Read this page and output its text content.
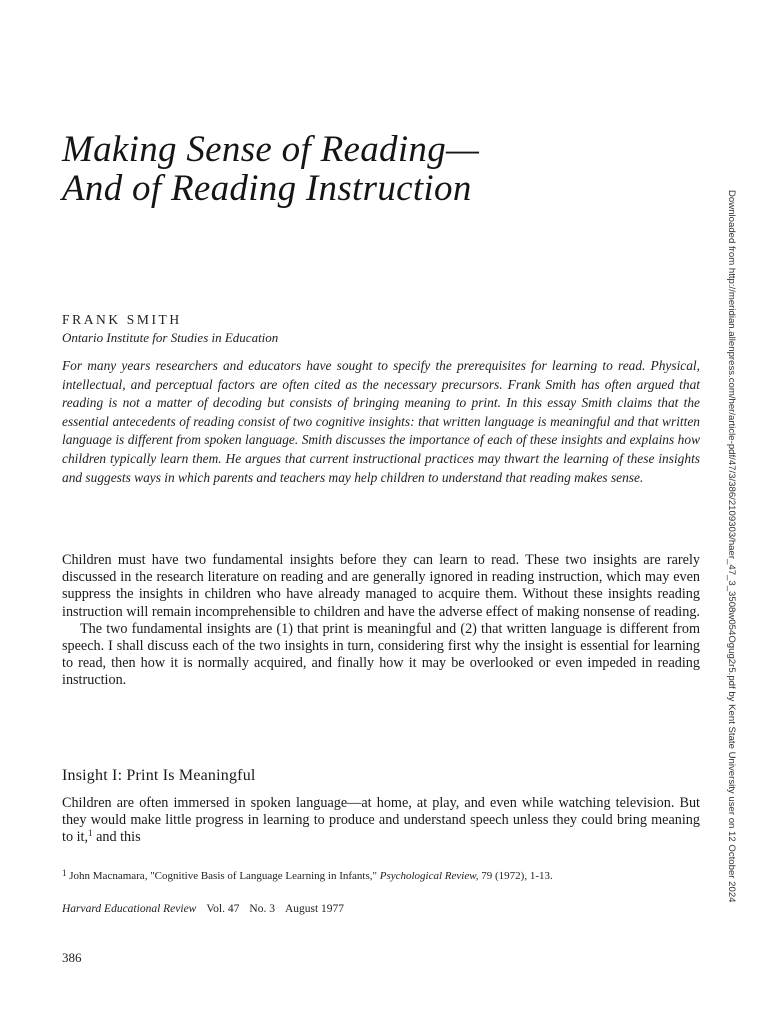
Making Sense of Reading—
And of Reading Instruction
FRANK SMITH
Ontario Institute for Studies in Education

For many years researchers and educators have sought to specify the prerequisites for learning to read. Physical, intellectual, and perceptual factors are often cited as the necessary precursors. Frank Smith has often argued that reading is not a matter of decoding but consists of bringing meaning to print. In this essay Smith claims that the essential antecedents of reading consist of two cognitive insights: that written language is meaningful and that written language is different from spoken language. Smith discusses the importance of each of these insights and explains how children typically learn them. He argues that current instructional practices may thwart the learning of these insights and suggests ways in which parents and teachers may help children to understand that reading makes sense.

Children must have two fundamental insights before they can learn to read. These two insights are rarely discussed in the research literature on reading and are generally ignored in reading instruction, which may even suppress the insights in children who have already managed to acquire them. Without these insights reading instruction will remain incomprehensible to children and have the adverse effect of making nonsense of reading.

The two fundamental insights are (1) that print is meaningful and (2) that written language is different from speech. I shall discuss each of the two insights in turn, considering first why the insight is essential for learning to read, then how it is normally acquired, and finally how it may be overlooked or even impeded in reading instruction.

Insight I: Print Is Meaningful

Children are often immersed in spoken language—at home, at play, and even while watching television. But they would make little progress in learning to produce and understand speech unless they could bring meaning to it,$^1$ and this

$^1$ John Macnamara, "Cognitive Basis of Language Learning in Infants," Psychological Review, 79 (1972), 1-13.
Harvard Educational Review Vol. 47 No. 3 August 1977
386
Downloaded from http://meridian.allenpress.com/her/article-pdf/47/3/386/2109303/haer_47_3_3508w054Ogug2r5.pdf by Kent State University user on 12 October 2024
